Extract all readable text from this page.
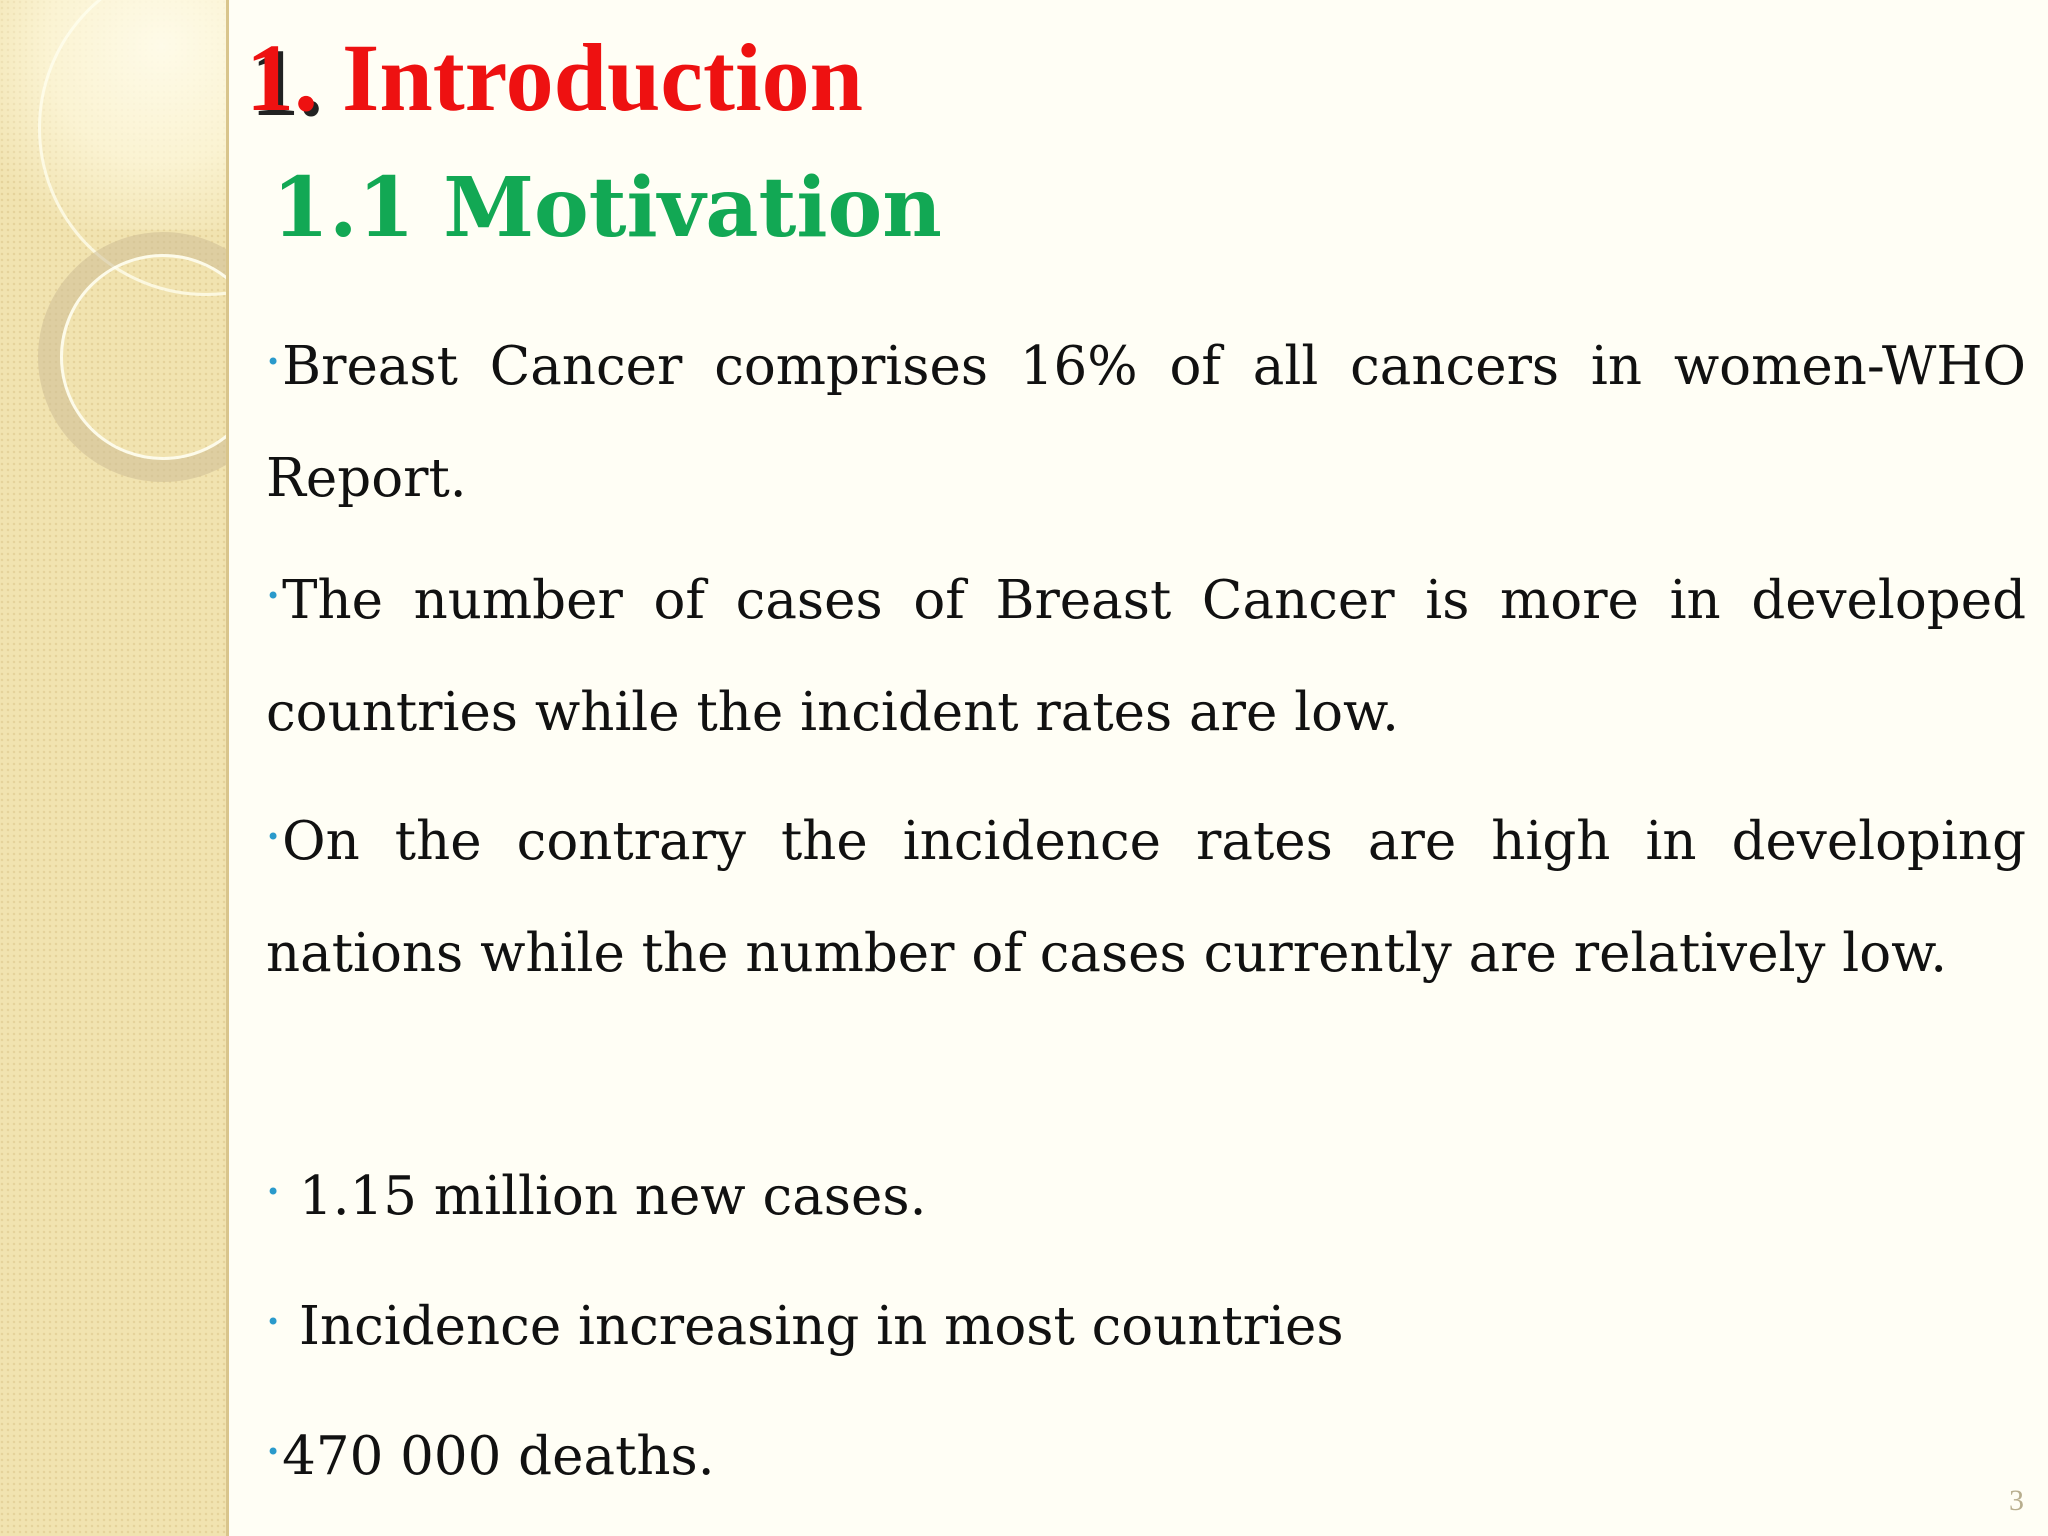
1. Introduction
1.1 Motivation

•Breast Cancer comprises 16% of all cancers in women-WHO Report.

•The number of cases of Breast Cancer is more in developed countries while the incident rates are low.

•On the contrary the incidence rates are high in developing nations while the number of cases currently are relatively low.

• 1.15 million new cases.

• Incidence increasing in most countries

•470 000 deaths.

3
